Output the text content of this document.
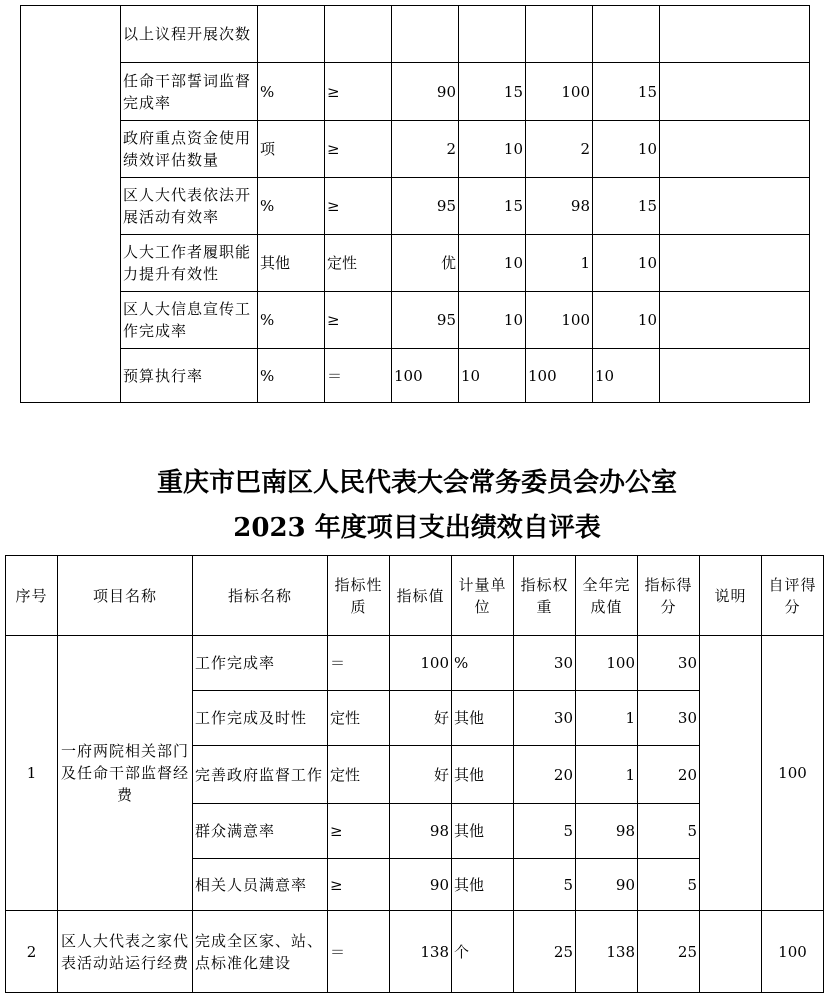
	以上议程开展次数							
	任命干部誓词监督完成率	%	≥	90	15	100	15	
	政府重点资金使用绩效评估数量	项	≥	2	10	2	10	
	区人大代表依法开展活动有效率	%	≥	95	15	98	15	
	人大工作者履职能力提升有效性	其他	定性	优	10	1	10	
	区人大信息宣传工作完成率	%	≥	95	10	100	10	
	预算执行率	%	＝	100	10	100	10	
重庆市巴南区人民代表大会常务委员会办公室
2023 年度项目支出绩效自评表
序号	项目名称	指标名称	指标性质	指标值	计量单位	指标权重	全年完成值	指标得分	说明	自评得分
1	一府两院相关部门及任命干部监督经费	工作完成率	＝	100	%	30	100	30		100
		工作完成及时性	定性	好	其他	30	1	30		
		完善政府监督工作	定性	好	其他	20	1	20		
		群众满意率	≥	98	其他	5	98	5		
		相关人员满意率	≥	90	其他	5	90	5		
2	区人大代表之家代表活动站运行经费	完成全区家、站、点标准化建设	＝	138	个	25	138	25		100
